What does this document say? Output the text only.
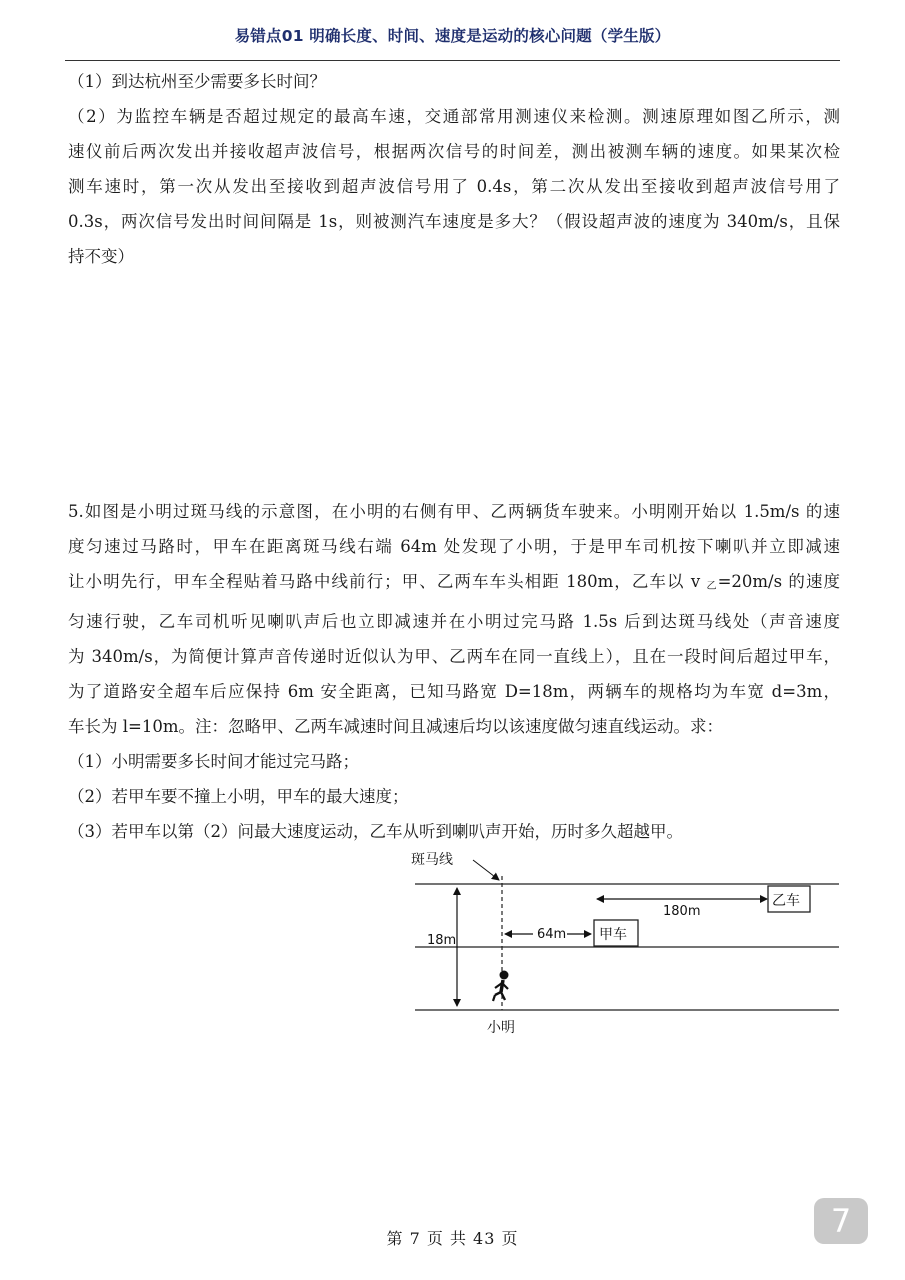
易错点01 明确长度、时间、速度是运动的核心问题（学生版）
（1）到达杭州至少需要多长时间？
（2）为监控车辆是否超过规定的最高车速，交通部常用测速仪来检测。测速原理如图乙所示，测
速仪前后两次发出并接收超声波信号，根据两次信号的时间差，测出被测车辆的速度。如果某次检
测车速时，第一次从发出至接收到超声波信号用了 0.4s，第二次从发出至接收到超声波信号用了
0.3s，两次信号发出时间间隔是 1s，则被测汽车速度是多大？（假设超声波的速度为 340m/s，且保
持不变）
5.如图是小明过斑马线的示意图，在小明的右侧有甲、乙两辆货车驶来。小明刚开始以 1.5m/s 的速
度匀速过马路时，甲车在距离斑马线右端 64m 处发现了小明，于是甲车司机按下喇叭并立即减速
让小明先行，甲车全程贴着马路中线前行；甲、乙两车车头相距 180m，乙车以 v $_乙$=20m/s 的速度
匀速行驶，乙车司机听见喇叭声后也立即减速并在小明过完马路 1.5s 后到达斑马线处（声音速度
为 340m/s，为简便计算声音传递时近似认为甲、乙两车在同一直线上），且在一段时间后超过甲车，
为了道路安全超车后应保持 6m 安全距离，已知马路宽 D=18m，两辆车的规格均为车宽 d=3m，
车长为 l=10m。注：忽略甲、乙两车减速时间且减速后均以该速度做匀速直线运动。求：
（1）小明需要多长时间才能过完马路；
（2）若甲车要不撞上小明，甲车的最大速度；
（3）若甲车以第（2）问最大速度运动，乙车从听到喇叭声开始，历时多久超越甲。
斑马线
18m	64m 甲车
180m
乙车
小明
第 7 页 共 43 页	7
